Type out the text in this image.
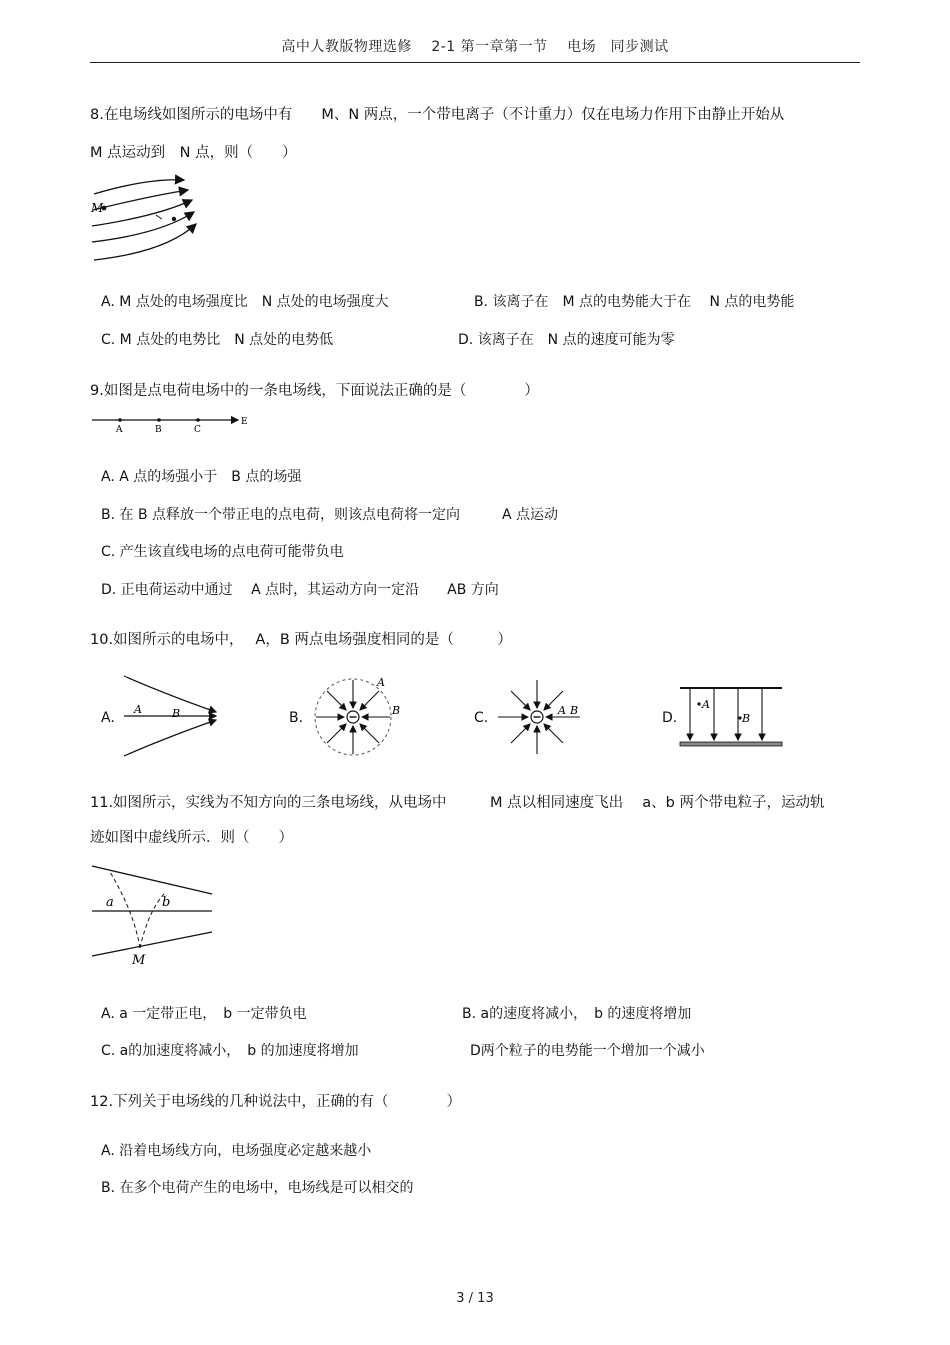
高中人教版物理选修　 2-1 第一章第一节　 电场　同步测试
8.在电场线如图所示的电场中有　　M、N 两点，一个带电离子（不计重力）仅在电场力作用下由静止开始从
M 点运动到　N 点，则（　　）
M
A. M 点处的电场强度比　N 点处的电场强度大	B. 该离子在　M 点的电势能大于在　 N 点的电势能
C. M 点处的电势比　N 点处的电势低	D. 该离子在　N 点的速度可能为零
9.如图是点电荷电场中的一条电场线，下面说法正确的是（　　　　）
A	B	C
E
A. A 点的场强小于　B 点的场强
B. 在 B 点释放一个带正电的点电荷，则该点电荷将一定向　　　A 点运动
C. 产生该直线电场的点电荷可能带负电
D. 正电荷运动中通过　 A 点时，其运动方向一定沿　　AB 方向
10.如图所示的电场中，　 A，B 两点电场强度相同的是（　　　）
A.
A	B	B.
A
B	C.	A B	D.
A
B
11.如图所示，实线为不知方向的三条电场线，从电场中　　　M 点以相同速度飞出　 a、b 两个带电粒子，运动轨
迹如图中虚线所示．则（　　）
a	b
M
A. a 一定带正电，　b 一定带负电	B. a的速度将减小，　b 的速度将增加
C. a的加速度将减小，　b 的加速度将增加	D两个粒子的电势能一个增加一个减小
12.下列关于电场线的几种说法中，正确的有（　　　　）
A. 沿着电场线方向，电场强度必定越来越小
B. 在多个电荷产生的电场中，电场线是可以相交的
3 / 13
